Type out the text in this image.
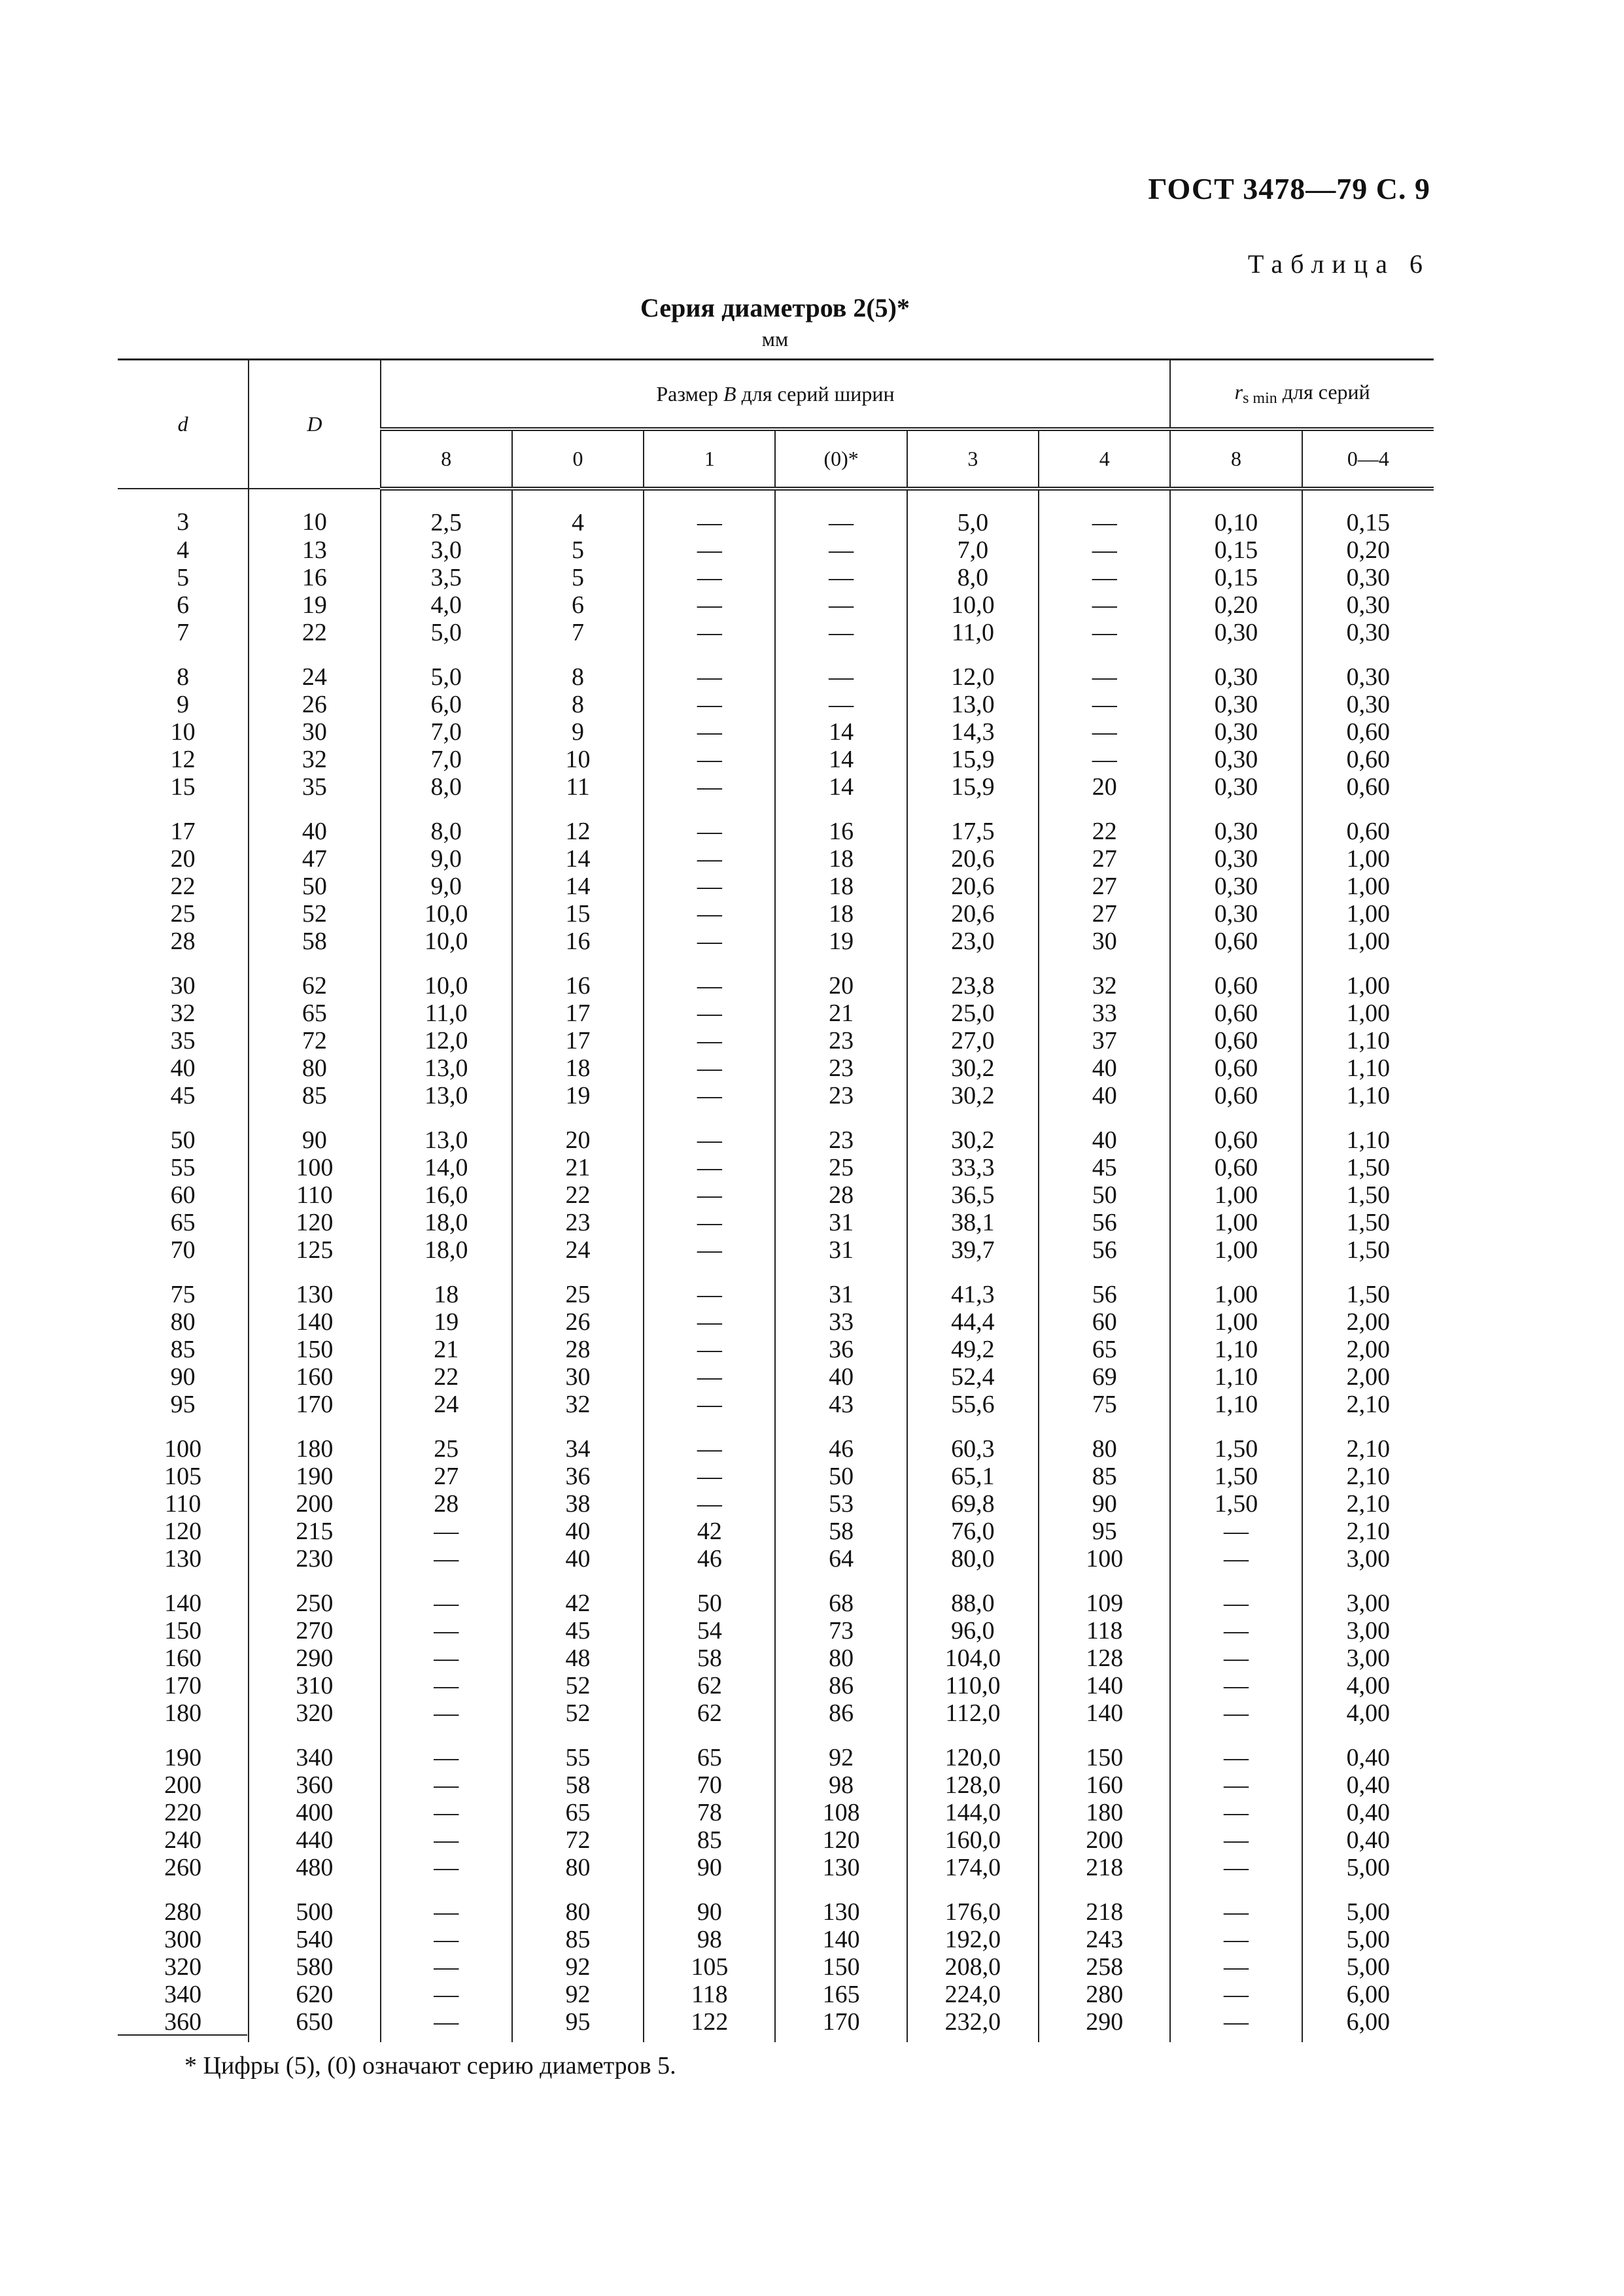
ГОСТ 3478—79 С. 9
Таблица 6
Серия диаметров 2(5)*
мм
d	D	Размер B для серий ширин						$r_{s min}$ для серий	
		8	0	1	(0)*	3	4	8	0—4
3	10	2,5	4	—	—	5,0	—	0,10	0,15
4	13	3,0	5	—	—	7,0	—	0,15	0,20
5	16	3,5	5	—	—	8,0	—	0,15	0,30
6	19	4,0	6	—	—	10,0	—	0,20	0,30
7	22	5,0	7	—	—	11,0	—	0,30	0,30

8	24	5,0	8	—	—	12,0	—	0,30	0,30
9	26	6,0	8	—	—	13,0	—	0,30	0,30
10	30	7,0	9	—	14	14,3	—	0,30	0,60
12	32	7,0	10	—	14	15,9	—	0,30	0,60
15	35	8,0	11	—	14	15,9	20	0,30	0,60

17	40	8,0	12	—	16	17,5	22	0,30	0,60
20	47	9,0	14	—	18	20,6	27	0,30	1,00
22	50	9,0	14	—	18	20,6	27	0,30	1,00
25	52	10,0	15	—	18	20,6	27	0,30	1,00
28	58	10,0	16	—	19	23,0	30	0,60	1,00

30	62	10,0	16	—	20	23,8	32	0,60	1,00
32	65	11,0	17	—	21	25,0	33	0,60	1,00
35	72	12,0	17	—	23	27,0	37	0,60	1,10
40	80	13,0	18	—	23	30,2	40	0,60	1,10
45	85	13,0	19	—	23	30,2	40	0,60	1,10

50	90	13,0	20	—	23	30,2	40	0,60	1,10
55	100	14,0	21	—	25	33,3	45	0,60	1,50
60	110	16,0	22	—	28	36,5	50	1,00	1,50
65	120	18,0	23	—	31	38,1	56	1,00	1,50
70	125	18,0	24	—	31	39,7	56	1,00	1,50

75	130	18	25	—	31	41,3	56	1,00	1,50
80	140	19	26	—	33	44,4	60	1,00	2,00
85	150	21	28	—	36	49,2	65	1,10	2,00
90	160	22	30	—	40	52,4	69	1,10	2,00
95	170	24	32	—	43	55,6	75	1,10	2,10

100	180	25	34	—	46	60,3	80	1,50	2,10
105	190	27	36	—	50	65,1	85	1,50	2,10
110	200	28	38	—	53	69,8	90	1,50	2,10
120	215	—	40	42	58	76,0	95	—	2,10
130	230	—	40	46	64	80,0	100	—	3,00

140	250	—	42	50	68	88,0	109	—	3,00
150	270	—	45	54	73	96,0	118	—	3,00
160	290	—	48	58	80	104,0	128	—	3,00
170	310	—	52	62	86	110,0	140	—	4,00
180	320	—	52	62	86	112,0	140	—	4,00

190	340	—	55	65	92	120,0	150	—	0,40
200	360	—	58	70	98	128,0	160	—	0,40
220	400	—	65	78	108	144,0	180	—	0,40
240	440	—	72	85	120	160,0	200	—	0,40
260	480	—	80	90	130	174,0	218	—	5,00

280	500	—	80	90	130	176,0	218	—	5,00
300	540	—	85	98	140	192,0	243	—	5,00
320	580	—	92	105	150	208,0	258	—	5,00
340	620	—	92	118	165	224,0	280	—	6,00
360	650	—	95	122	170	232,0	290	—	6,00
* Цифры (5), (0) означают серию диаметров 5.
